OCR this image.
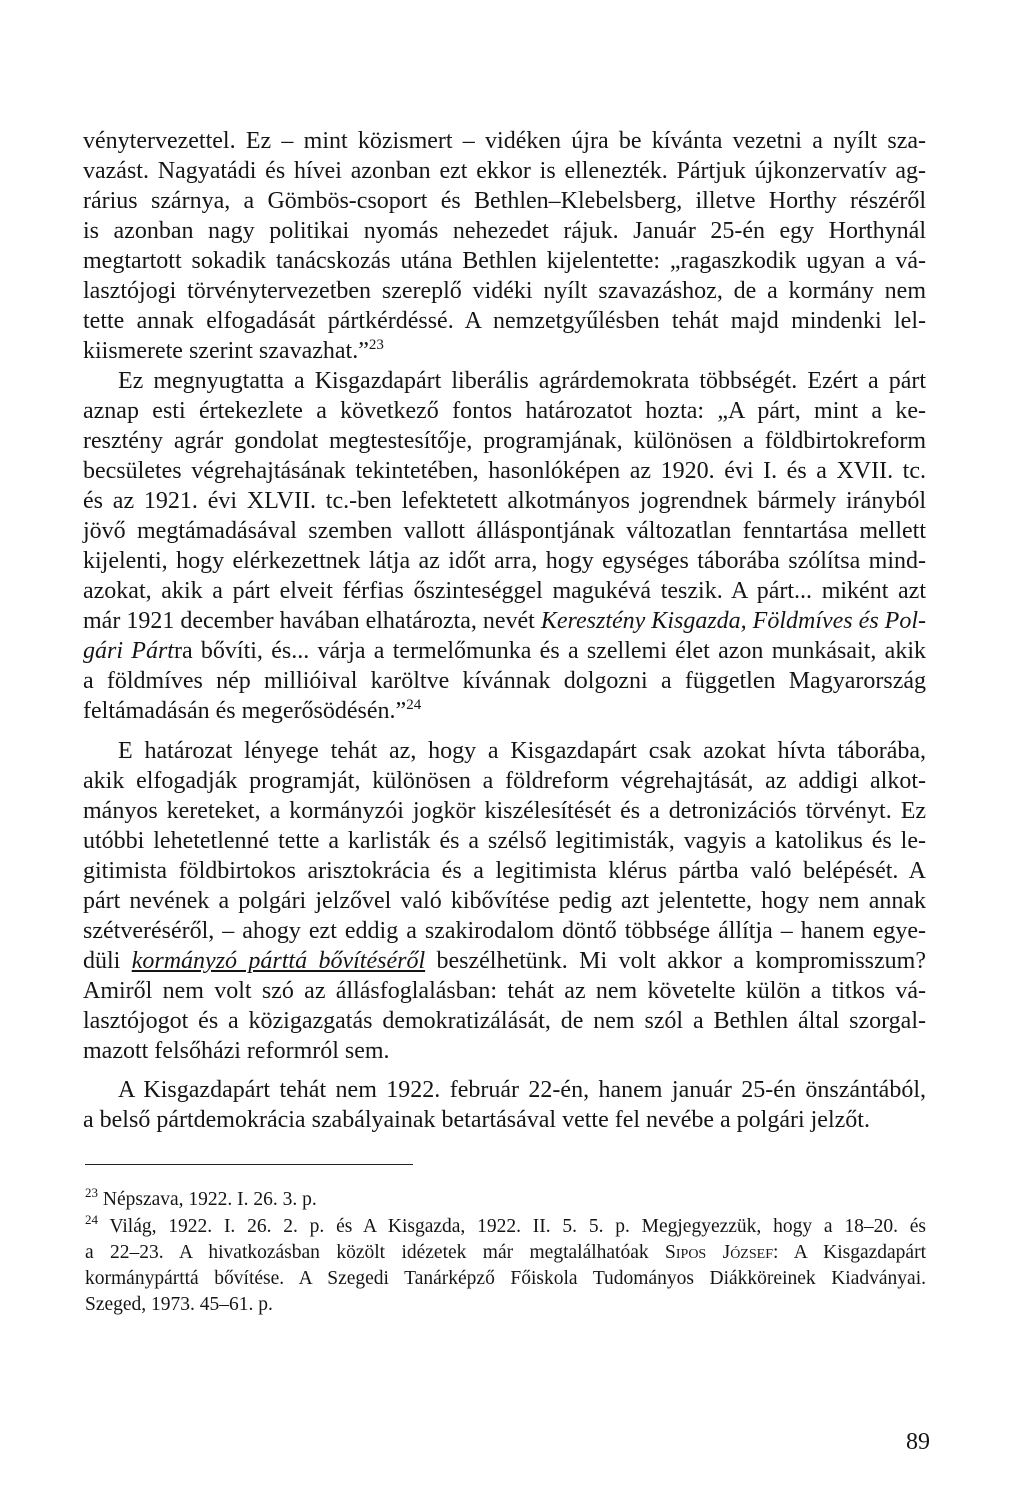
vénytervezettel. Ez – mint közismert – vidéken újra be kívánta vezetni a nyílt sza-
vazást. Nagyatádi és hívei azonban ezt ekkor is ellenezték. Pártjuk újkonzervatív ag-
rárius szárnya, a Gömbös-csoport és Bethlen–Klebelsberg, illetve Horthy részéről
is azonban nagy politikai nyomás nehezedet rájuk. Január 25-én egy Horthynál
megtartott sokadik tanácskozás utána Bethlen kijelentette: „ragaszkodik ugyan a vá-
lasztójogi törvénytervezetben szereplő vidéki nyílt szavazáshoz, de a kormány nem
tette annak elfogadását pártkérdéssé. A nemzetgyűlésben tehát majd mindenki lel-
kiismerete szerint szavazhat.”$^{23}$
Ez megnyugtatta a Kisgazdapárt liberális agrárdemokrata többségét. Ezért a párt
aznap esti értekezlete a következő fontos határozatot hozta: „A párt, mint a ke-
resztény agrár gondolat megtestesítője, programjának, különösen a földbirtokreform
becsületes végrehajtásának tekintetében, hasonlóképen az 1920. évi I. és a XVII. tc.
és az 1921. évi XLVII. tc.-ben lefektetett alkotmányos jogrendnek bármely irányból
jövő megtámadásával szemben vallott álláspontjának változatlan fenntartása mellett
kijelenti, hogy elérkezettnek látja az időt arra, hogy egységes táborába szólítsa mind-
azokat, akik a párt elveit férfias őszinteséggel magukévá teszik. A párt... miként azt
már 1921 december havában elhatározta, nevét Keresztény Kisgazda, Földmíves és Pol-
gári Pártra bővíti, és... várja a termelőmunka és a szellemi élet azon munkásait, akik
a földmíves nép millióival karöltve kívánnak dolgozni a független Magyarország
feltámadásán és megerősödésén.”$^{24}$
E határozat lényege tehát az, hogy a Kisgazdapárt csak azokat hívta táborába,
akik elfogadják programját, különösen a földreform végrehajtását, az addigi alkot-
mányos kereteket, a kormányzói jogkör kiszélesítését és a detronizációs törvényt. Ez
utóbbi lehetetlenné tette a karlisták és a szélső legitimisták, vagyis a katolikus és le-
gitimista földbirtokos arisztokrácia és a legitimista klérus pártba való belépését. A
párt nevének a polgári jelzővel való kibővítése pedig azt jelentette, hogy nem annak
szétveréséről, – ahogy ezt eddig a szakirodalom döntő többsége állítja – hanem egye-
düli kormányzó párttá bővítéséről beszélhetünk. Mi volt akkor a kompromisszum?
Amiről nem volt szó az állásfoglalásban: tehát az nem követelte külön a titkos vá-
lasztójogot és a közigazgatás demokratizálását, de nem szól a Bethlen által szorgal-
mazott felsőházi reformról sem.
A Kisgazdapárt tehát nem 1922. február 22-én, hanem január 25-én önszántából,
a belső pártdemokrácia szabályainak betartásával vette fel nevébe a polgári jelzőt.
$^{23}$ Népszava, 1922. I. 26. 3. p.
$^{24}$ Világ, 1922. I. 26. 2. p. és A Kisgazda, 1922. II. 5. 5. p. Megjegyezzük, hogy a 18–20. és
a 22–23. A hivatkozásban közölt idézetek már megtalálhatóak Sipos József: A Kisgazdapárt
kormánypárttá bővítése. A Szegedi Tanárképző Főiskola Tudományos Diákköreinek Kiadványai.
Szeged, 1973. 45–61. p.
89
